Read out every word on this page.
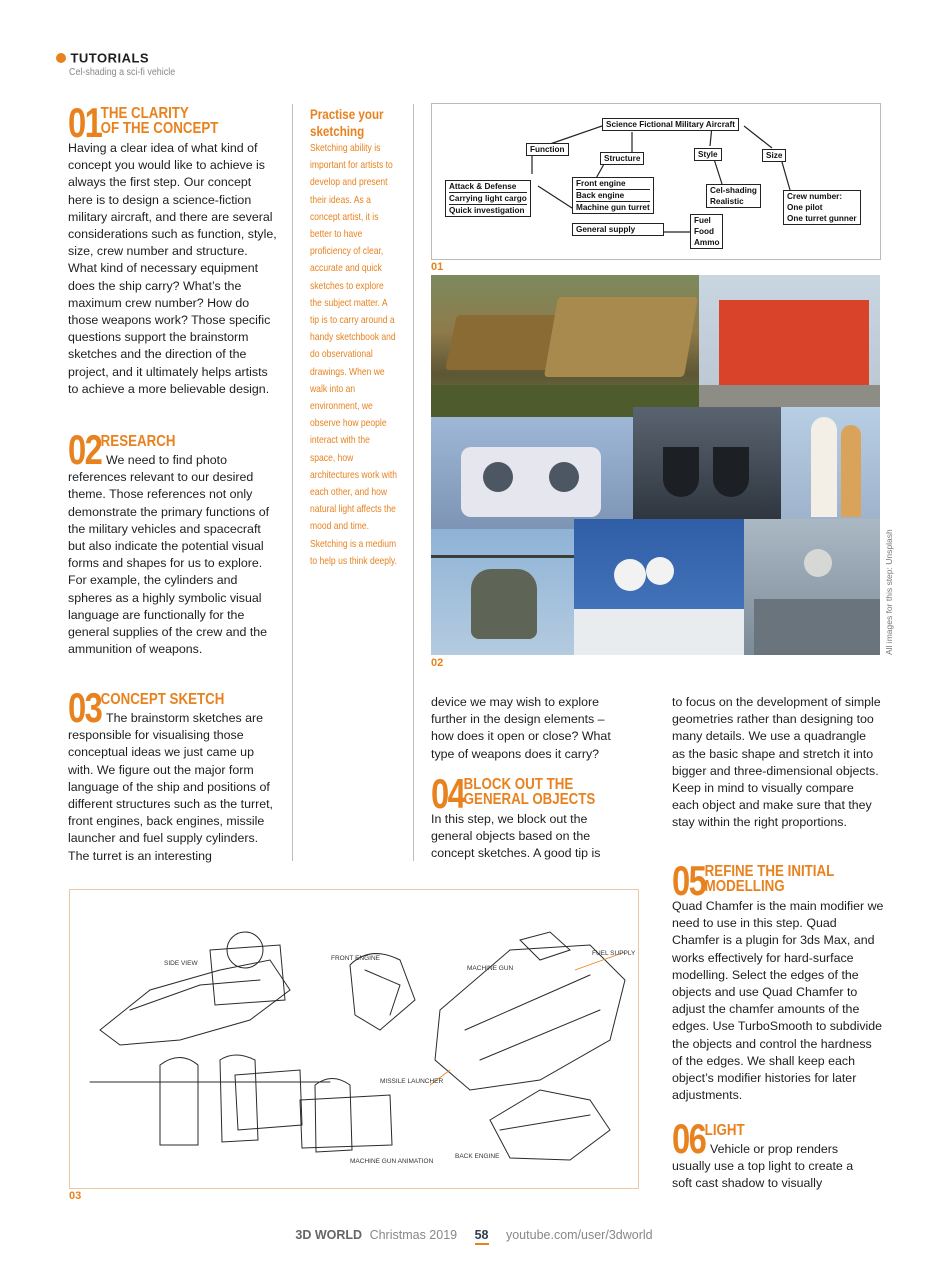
TUTORIALS
Cel-shading a sci-fi vehicle
01 THE CLARITY
OF THE CONCEPT
Having a clear idea of what kind of concept you would like to achieve is always the first step. Our concept here is to design a science-fiction military aircraft, and there are several considerations such as function, style, size, crew number and structure. What kind of necessary equipment does the ship carry? What’s the maximum crew number? How do those weapons work? Those specific questions support the brainstorm sketches and the direction of the project, and it ultimately helps artists to achieve a more believable design.
02 RESEARCH
We need to find photo references relevant to our desired theme. Those references not only demonstrate the primary functions of the military vehicles and spacecraft but also indicate the potential visual forms and shapes for us to explore. For example, the cylinders and spheres as a highly symbolic visual language are functionally for the general supplies of the crew and the ammunition of weapons.
03 CONCEPT SKETCH
The brainstorm sketches are responsible for visualising those conceptual ideas we just came up with. We figure out the major form language of the ship and positions of different structures such as the turret, front engines, back engines, missile launcher and fuel supply cylinders. The turret is an interesting
Practise your
sketching
Sketching ability is important for artists to develop and present their ideas. As a concept artist, it is better to have proficiency of clear, accurate and quick sketches to explore the subject matter. A tip is to carry around a handy sketchbook and do observational drawings. When we walk into an environment, we observe how people interact with the space, how architectures work with each other, and how natural light affects the mood and time. Sketching is a medium to help us think deeply.
Science Fictional Military Aircraft
Function
Structure	Style	Size
Attack & Defense
Carrying light cargo
Quick investigation
Front engine
Back engine
Machine gun turret
General supply
Fuel
Food
Ammo
Cel-shading
Realistic
Crew number:
One pilot
One turret gunner
01
All images for this step: Unsplash
02
device we may wish to explore further in the design elements – how does it open or close? What type of weapons does it carry?
04 BLOCK OUT THE
GENERAL OBJECTS
In this step, we block out the general objects based on the concept sketches. A good tip is
to focus on the development of simple geometries rather than designing too many details. We use a quadrangle as the basic shape and stretch it into bigger and three-dimensional objects. Keep in mind to visually compare each object and make sure that they stay within the right proportions.
05 REFINE THE INITIAL
MODELLING
Quad Chamfer is the main modifier we need to use in this step. Quad Chamfer is a plugin for 3ds Max, and works effectively for hard-surface modelling. Select the edges of the objects and use Quad Chamfer to adjust the chamfer amounts of the edges. Use TurboSmooth to subdivide the objects and control the hardness of the edges. We shall keep each object’s modifier histories for later adjustments.
06 LIGHT
Vehicle or prop renders usually use a top light to create a soft cast shadow to visually
SIDE VIEW
FRONT ENGINE
MACHINE GUN
FUEL SUPPLY
MISSILE LAUNCHER
MACHINE GUN ANIMATION
BACK ENGINE
03
3D WORLD Christmas 2019 58 youtube.com/user/3dworld
